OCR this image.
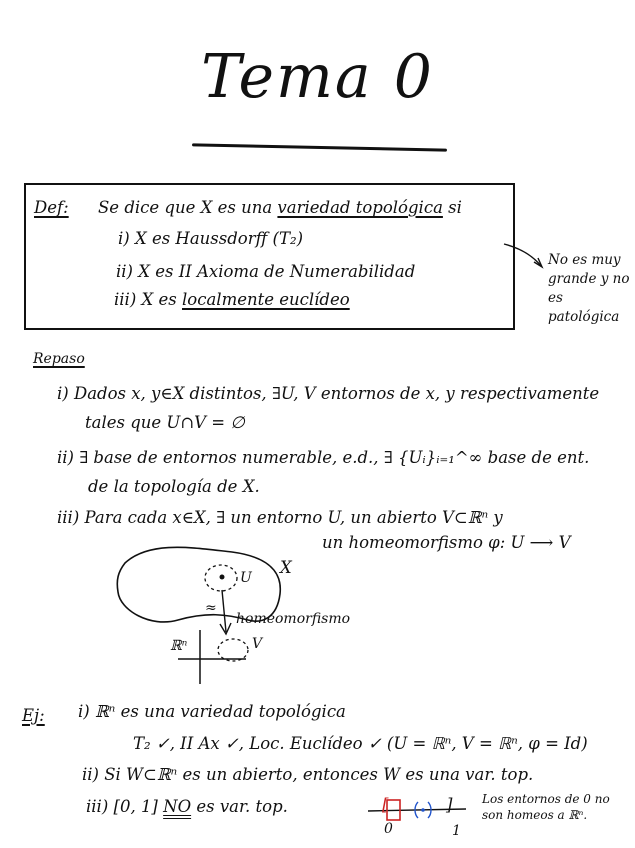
Tema 0
Def: Se dice que X es una variedad topológica si
i) X es Haussdorff (T₂)
ii) X es II Axioma de Numerabilidad
iii) X es localmente euclídeo
No es muy grande y no es patológica
Repaso
i) Dados x, y∈X distintos, ∃U, V entornos de x, y respectivamente
tales que U∩V = ∅
ii) ∃ base de entornos numerable, e.d., ∃ {Uᵢ}ᵢ₌₁^∞ base de ent.
de la topología de X.
iii) Para cada x∈X, ∃ un entorno U, un abierto V⊂ℝⁿ y
un homeomorfismo φ: U ⟶ V
X
U
≈
homeomorfismo
ℝⁿ	V
Ej: i) ℝⁿ es una variedad topológica
T₂ ✓, II Ax ✓, Loc. Euclídeo ✓ (U = ℝⁿ, V = ℝⁿ, φ = Id)
ii) Si W⊂ℝⁿ es un abierto, entonces W es una var. top.
iii) [0, 1] NO es var. top.	[	]
0	1
Los entornos de 0 no son homeos a ℝⁿ.
